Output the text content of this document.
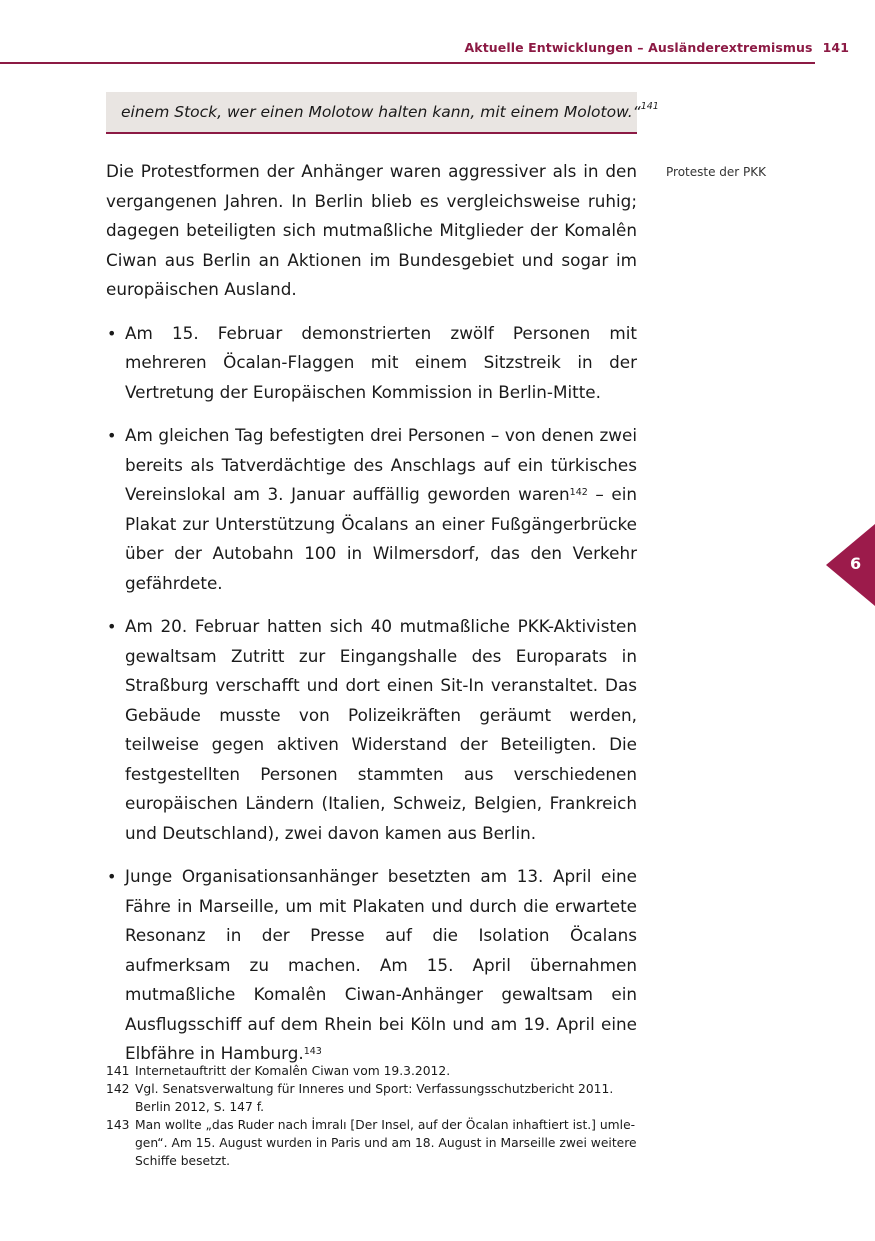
Aktuelle Entwicklungen – Ausländerextremismus 141
einem Stock, wer einen Molotow halten kann, mit einem Molotow.“$^{141}$
Proteste der PKK

Die Protestformen der Anhänger waren aggressiver als in den vergangenen Jahren. In Berlin blieb es vergleichsweise ruhig; dagegen beteiligten sich mutmaßliche Mitglieder der Komalên Ciwan aus Berlin an Aktionen im Bundesgebiet und sogar im europäischen Ausland.

• Am 15. Februar demonstrierten zwölf Personen mit mehreren Öcalan-Flaggen mit einem Sitzstreik in der Vertretung der Europäischen Kommission in Berlin-Mitte.
• Am gleichen Tag befestigten drei Personen – von denen zwei bereits als Tatverdächtige des Anschlags auf ein türkisches Vereinslokal am 3. Januar auffällig geworden waren$^{142}$ – ein Plakat zur Unterstützung Öcalans an einer Fußgängerbrücke über der Autobahn 100 in Wilmersdorf, das den Verkehr gefährdete.
• Am 20. Februar hatten sich 40 mutmaßliche PKK-Aktivisten gewaltsam Zutritt zur Eingangshalle des Europarats in Straßburg verschafft und dort einen Sit-In veranstaltet. Das Gebäude musste von Polizeikräften geräumt werden, teilweise gegen aktiven Widerstand der Beteiligten. Die festgestellten Personen stammten aus verschiedenen europäischen Ländern (Italien, Schweiz, Belgien, Frankreich und Deutschland), zwei davon kamen aus Berlin.
• Junge Organisationsanhänger besetzten am 13. April eine Fähre in Marseille, um mit Plakaten und durch die erwartete Resonanz in der Presse auf die Isolation Öcalans aufmerksam zu machen. Am 15. April übernahmen mutmaßliche Komalên Ciwan-Anhänger gewaltsam ein Ausflugsschiff auf dem Rhein bei Köln und am 19. April eine Elbfähre in Hamburg.$^{143}$
6

141 Internetauftritt der Komalên Ciwan vom 19.3.2012.

142 Vgl. Senatsverwaltung für Inneres und Sport: Verfassungsschutzbericht 2011. Berlin 2012, S. 147 f.

143 Man wollte „das Ruder nach İmralı [Der Insel, auf der Öcalan inhaftiert ist.] umlegen“. Am 15. August wurden in Paris und am 18. August in Marseille zwei weitere Schiffe besetzt.
